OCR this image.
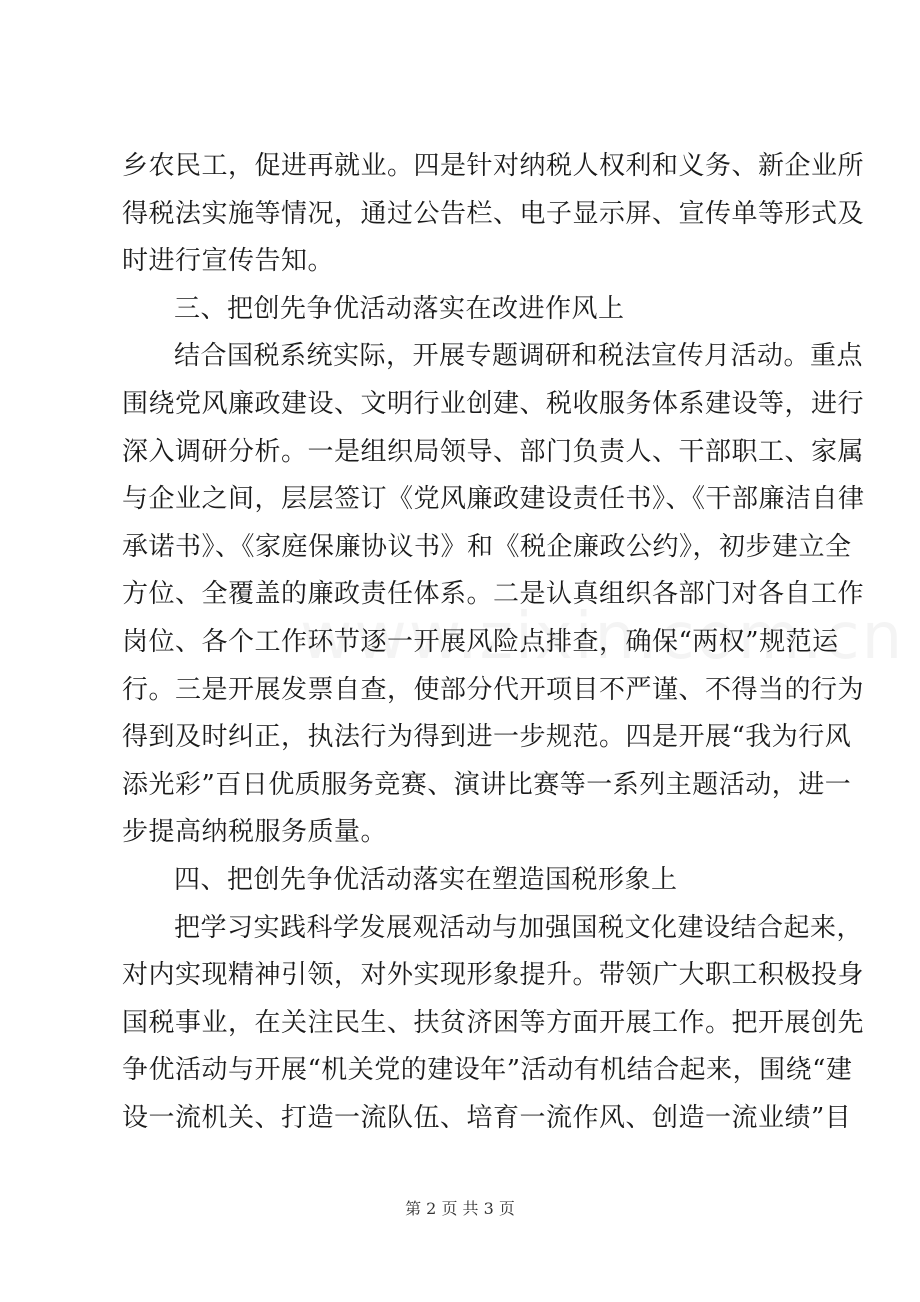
乡农民工，促进再就业。四是针对纳税人权利和义务、新企业所
得税法实施等情况，通过公告栏、电子显示屏、宣传单等形式及
时进行宣传告知。
三、把创先争优活动落实在改进作风上
结合国税系统实际，开展专题调研和税法宣传月活动。重点
围绕党风廉政建设、文明行业创建、税收服务体系建设等，进行
深入调研分析。一是组织局领导、部门负责人、干部职工、家属
与企业之间，层层签订《党风廉政建设责任书》、《干部廉洁自律
承诺书》、《家庭保廉协议书》和《税企廉政公约》，初步建立全
方位、全覆盖的廉政责任体系。二是认真组织各部门对各自工作
岗位、各个工作环节逐一开展风险点排查，确保“两权”规范运
行。三是开展发票自查，使部分代开项目不严谨、不得当的行为
得到及时纠正，执法行为得到进一步规范。四是开展“我为行风
添光彩”百日优质服务竞赛、演讲比赛等一系列主题活动，进一
步提高纳税服务质量。
四、把创先争优活动落实在塑造国税形象上
把学习实践科学发展观活动与加强国税文化建设结合起来，
对内实现精神引领，对外实现形象提升。带领广大职工积极投身
国税事业，在关注民生、扶贫济困等方面开展工作。把开展创先
争优活动与开展“机关党的建设年”活动有机结合起来，围绕“建
设一流机关、打造一流队伍、培育一流作风、创造一流业绩”目
第 2 页 共 3 页
